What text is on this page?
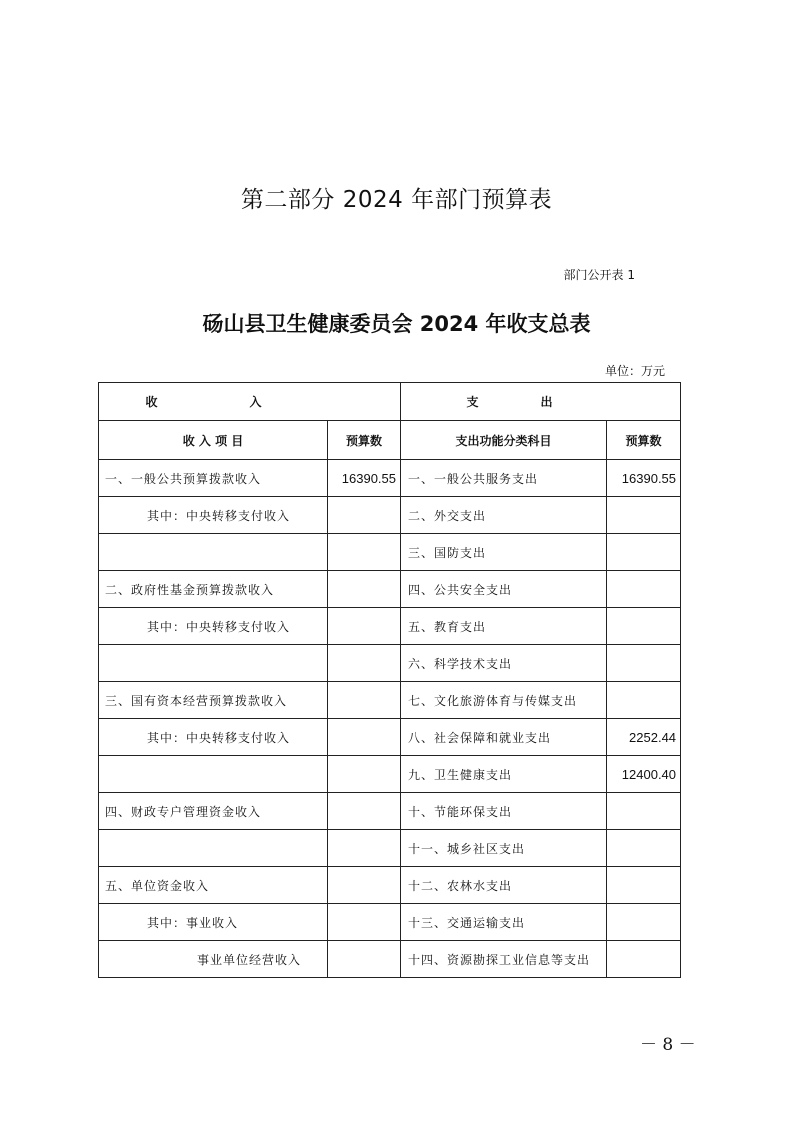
第二部分 2024 年部门预算表
部门公开表 1
砀山县卫生健康委员会 2024 年收支总表
单位：万元
收入		支出	
收 入 项 目	预算数	支出功能分类科目	预算数
一、一般公共预算拨款收入	16390.55	一、一般公共服务支出	16390.55
其中：中央转移支付收入		二、外交支出	
		三、国防支出	
二、政府性基金预算拨款收入		四、公共安全支出	
其中：中央转移支付收入		五、教育支出	
		六、科学技术支出	
三、国有资本经营预算拨款收入		七、文化旅游体育与传媒支出	
其中：中央转移支付收入		八、社会保障和就业支出	2252.44
		九、卫生健康支出	12400.40
四、财政专户管理资金收入		十、节能环保支出	
		十一、城乡社区支出	
五、单位资金收入		十二、农林水支出	
其中：事业收入		十三、交通运输支出	
事业单位经营收入		十四、资源勘探工业信息等支出	
－ 8 －
